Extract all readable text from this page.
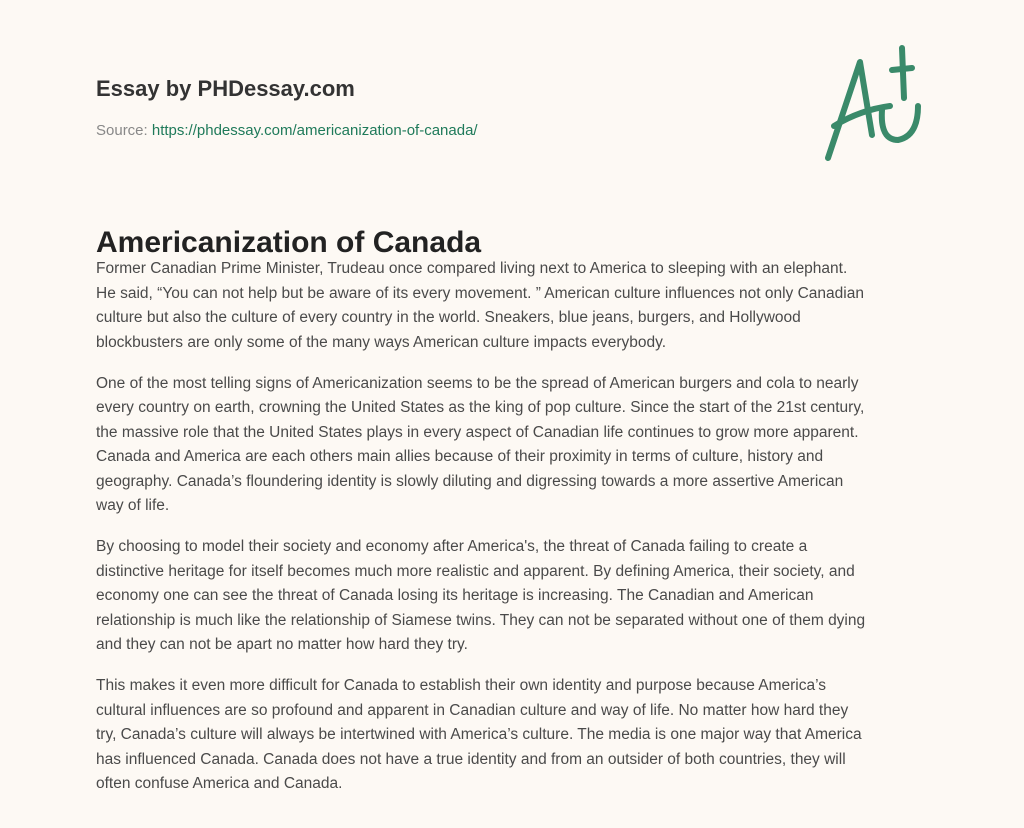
Essay by PHDessay.com
Source: https://phdessay.com/americanization-of-canada/
Americanization of Canada

Former Canadian Prime Minister, Trudeau once compared living next to America to sleeping with an elephant.
He said, “You can not help but be aware of its every movement. ” American culture influences not only Canadian
culture but also the culture of every country in the world. Sneakers, blue jeans, burgers, and Hollywood
blockbusters are only some of the many ways American culture impacts everybody.

One of the most telling signs of Americanization seems to be the spread of American burgers and cola to nearly
every country on earth, crowning the United States as the king of pop culture. Since the start of the 21st century,
the massive role that the United States plays in every aspect of Canadian life continues to grow more apparent.
Canada and America are each others main allies because of their proximity in terms of culture, history and
geography. Canada’s floundering identity is slowly diluting and digressing towards a more assertive American
way of life.

By choosing to model their society and economy after America's, the threat of Canada failing to create a
distinctive heritage for itself becomes much more realistic and apparent. By defining America, their society, and
economy one can see the threat of Canada losing its heritage is increasing. The Canadian and American
relationship is much like the relationship of Siamese twins. They can not be separated without one of them dying
and they can not be apart no matter how hard they try.

This makes it even more difficult for Canada to establish their own identity and purpose because America’s
cultural influences are so profound and apparent in Canadian culture and way of life. No matter how hard they
try, Canada’s culture will always be intertwined with America’s culture. The media is one major way that America
has influenced Canada. Canada does not have a true identity and from an outsider of both countries, they will
often confuse America and Canada.
